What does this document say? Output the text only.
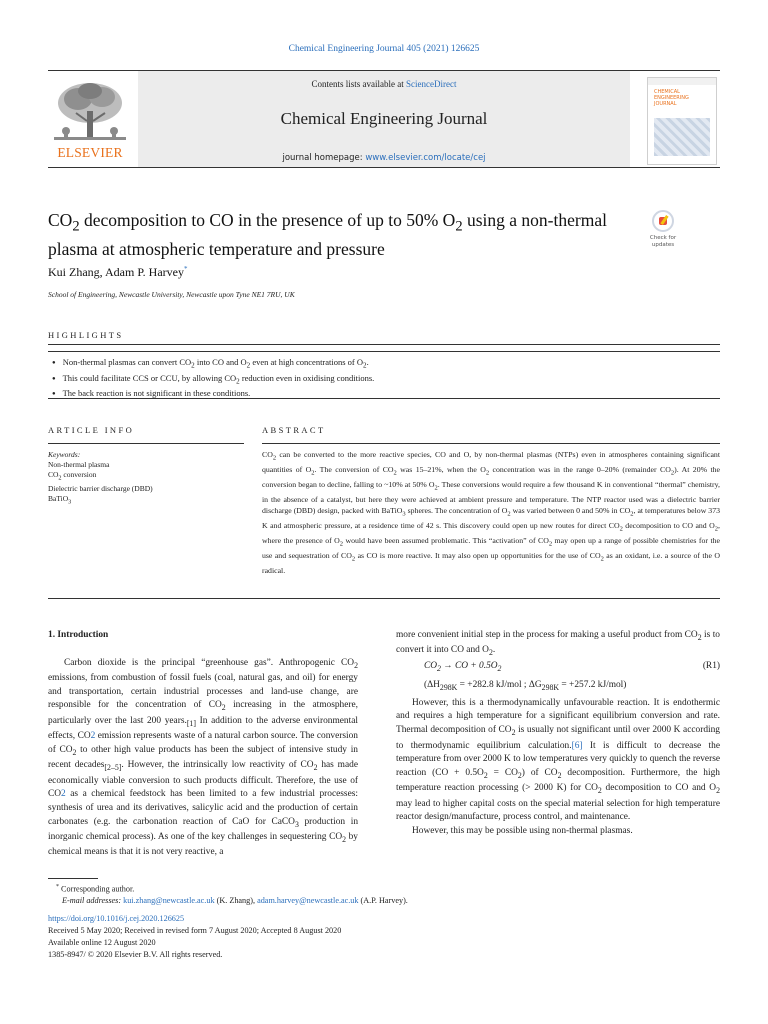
Chemical Engineering Journal 405 (2021) 126625
ELSEVIER
Contents lists available at ScienceDirect
Chemical Engineering Journal
journal homepage: www.elsevier.com/locate/cej
CHEMICAL
ENGINEERING
JOURNAL
$CO_2$ decomposition to CO in the presence of up to 50% $O_2$ using a non-thermal plasma at atmospheric temperature and pressure
Check for
updates
Kui Zhang, Adam P. Harvey*
School of Engineering, Newcastle University, Newcastle upon Tyne NE1 7RU, UK
HIGHLIGHTS
● Non-thermal plasmas can convert $CO_2$ into CO and $O_2$ even at high concentrations of $O_2$.
● This could facilitate CCS or CCU, by allowing $CO_2$ reduction even in oxidising conditions.
● The back reaction is not significant in these conditions.
ARTICLE INFO	ABSTRACT
Keywords:
Non-thermal plasma
$CO_2$ conversion
Dielectric barrier discharge (DBD)
BaTiO$_3$

$CO_2$ can be converted to the more reactive species, CO and O, by non-thermal plasmas (NTPs) even in atmospheres containing significant quantities of $O_2$. The conversion of $CO_2$ was 15–21%, when the $O_2$ concentration was in the range 0–20% (remainder $CO_2$). At 20% the conversion began to decline, falling to ~10% at 50% $O_2$. These conversions would require a few thousand K in conventional “thermal” chemistry, in the absence of a catalyst, but here they were achieved at ambient pressure and temperature. The NTP reactor used was a dielectric barrier discharge (DBD) design, packed with BaTiO$_3$ spheres. The concentration of $O_2$ was varied between 0 and 50% in $CO_2$, at temperatures below 373 K and atmospheric pressure, at a residence time of 42 s. This discovery could open up new routes for direct $CO_2$ decomposition to CO and $O_2$, where the presence of $O_2$ would have been assumed problematic. This “activation” of $CO_2$ may open up a range of possible chemistries for the use and sequestration of $CO_2$ as CO is more reactive. It may also open up opportunities for the use of $CO_2$ as an oxidant, i.e. a source of the O radical.

1. Introduction

Carbon dioxide is the principal “greenhouse gas”. Anthropogenic $CO_2$ emissions, from combustion of fossil fuels (coal, natural gas, and oil) for energy and transportation, certain industrial processes and land-use change, are responsible for the concentration of $CO_2$ increasing in the atmosphere, particularly over the last 200 $years._{[1]}$ In addition to the adverse environmental effects, CO2 emission represents waste of a natural carbon source. The conversion of $CO_2$ to other high value products has been the subject of intensive study in recent decades$_{[2-5]}$. However, the intrinsically low reactivity of $CO_2$ has made economically viable conversion to such products difficult. Therefore, the use of CO2 as a chemical feedstock has been limited to a few industrial processes: synthesis of urea and its derivatives, salicylic acid and the production of certain carbonates (e.g. the carbonation reaction of CaO for CaCO$_3$ production in inorganic chemical process). As one of the key challenges in sequestering $CO_2$ by chemical means is that it is not very reactive, a

more convenient initial step in the process for making a useful product from $CO_2$ is to convert it into CO and $O_2$.

$CO_2$ → CO + $0.5O_2$	(R1)

($\Delta H_{298K} = +282.8$ kJ/mol ; $\Delta G_{298K} = +257.2$ kJ/mol)

However, this is a thermodynamically unfavourable reaction. It is endothermic and requires a high temperature for a significant equilibrium conversion and rate. Thermal decomposition of $CO_2$ is usually not significant until over 2000 K according to thermodynamic equilibrium calculation.[6] It is difficult to decrease the temperature from over 2000 K to low temperatures very quickly to quench the reverse reaction $(CO + 0.5O_2 = CO_2)$ of $CO_2$ decomposition. Furthermore, the high temperature reaction processing (> 2000 K) for $CO_2$ decomposition to CO and $O_2$ may lead to higher capital costs on the special material selection for high temperature reactor design/manufacture, process control, and maintenance.

However, this may be possible using non-thermal plasmas.

* Corresponding author.
E-mail addresses: kui.zhang@newcastle.ac.uk (K. Zhang), adam.harvey@newcastle.ac.uk (A.P. Harvey).
https://doi.org/10.1016/j.cej.2020.126625
Received 5 May 2020; Received in revised form 7 August 2020; Accepted 8 August 2020
Available online 12 August 2020
1385-8947/ © 2020 Elsevier B.V. All rights reserved.
